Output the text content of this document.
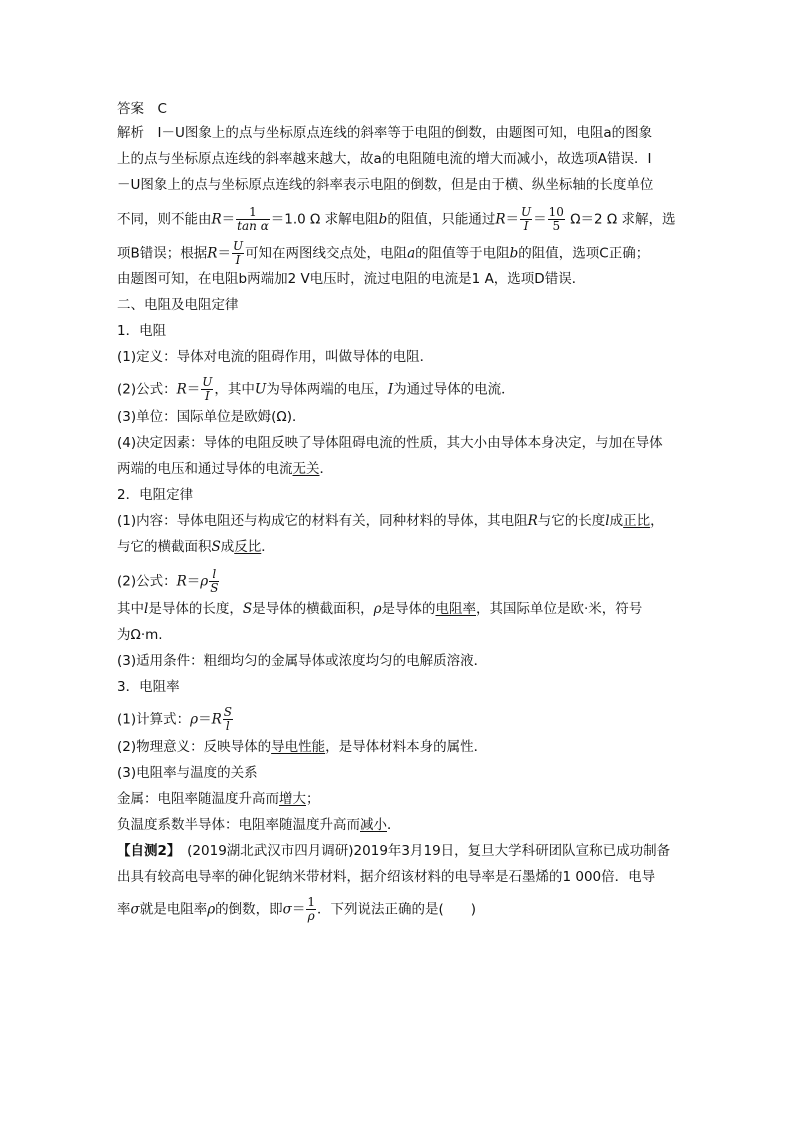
答案　 C
解析　 I－U图象上的点与坐标原点连线的斜率等于电阻的倒数，由题图可知，电阻a的图象
上的点与坐标原点连线的斜率越来越大，故a的电阻随电流的增大而减小，故选项A错误．I
－U图象上的点与坐标原点连线的斜率表示电阻的倒数，但是由于横、纵坐标轴的长度单位
不同，则不能由$R= \frac{1}{\text{tan α}} =1.0$ Ω 求解电阻b的阻值，只能通过$R= \frac{U}{I} = \frac{10}{5} \Omega=2$ Ω 求解，选
项B错误；根据$R= \frac{U}{I}$ 可知在两图线交点处，电阻a的阻值等于电阻b的阻值，选项C正确；
由题图可知，在电阻b两端加2 V电压时，流过电阻的电流是1 A，选项D错误．
二、电阻及电阻定律
1．电阻
(1)定义：导体对电流的阻碍作用，叫做导体的电阻．
(2)公式：$R= \frac{U}{I}$ ，其中U为导体两端的电压，I为通过导体的电流．
(3)单位：国际单位是欧姆(Ω)．
(4)决定因素：导体的电阻反映了导体阻碍电流的性质，其大小由导体本身决定，与加在导体
两端的电压和通过导体的电流无关．
2．电阻定律
(1)内容：导体电阻还与构成它的材料有关，同种材料的导体，其电阻R与它的长度l成正比，
与它的横截面积S成反比．
(2)公式：$R=\rho \frac{l}{S}$
其中l是导体的长度，S是导体的横截面积，ρ是导体的电阻率，其国际单位是欧·米，符号
为Ω·m.
(3)适用条件：粗细均匀的金属导体或浓度均匀的电解质溶液．
3．电阻率
(1)计算式：$\rho=R \frac{S}{l}$
(2)物理意义：反映导体的导电性能，是导体材料本身的属性．
(3)电阻率与温度的关系
金属：电阻率随温度升高而增大；
负温度系数半导体：电阻率随温度升高而减小．
【自测2】　 (2019湖北武汉市四月调研)2019年3月19日，复旦大学科研团队宣称已成功制备
出具有较高电导率的砷化铌纳米带材料，据介绍该材料的电导率是石墨烯的1 000倍．电导
率σ就是电阻率ρ的倒数，即$\sigma= \frac{1}{\rho}$ ．下列说法正确的是(　　)
